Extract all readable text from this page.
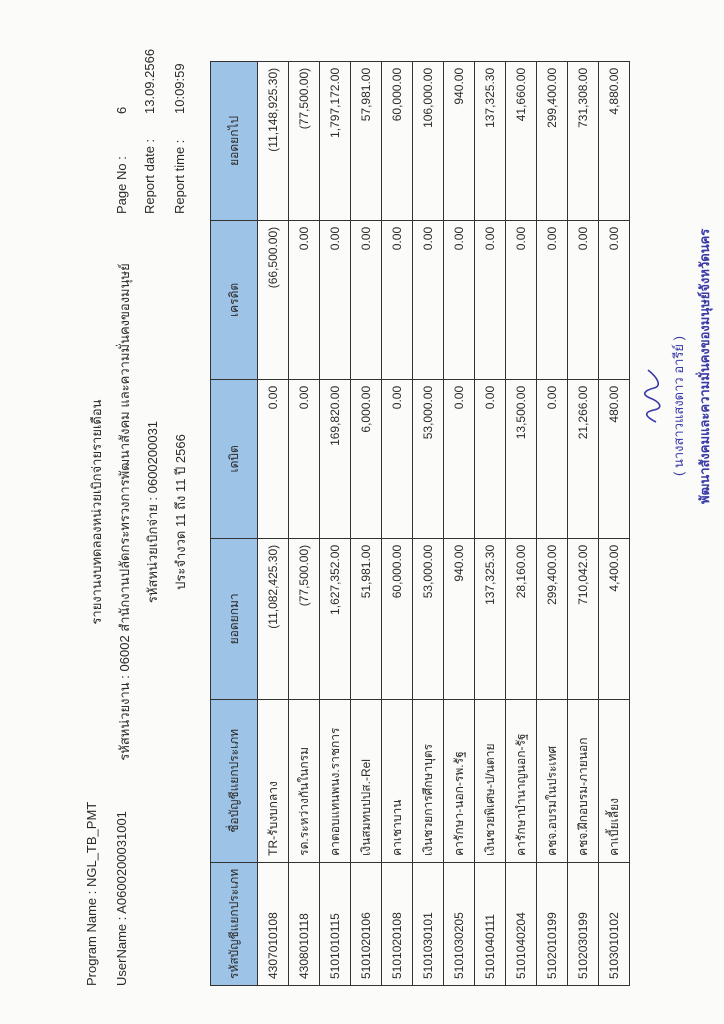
รายงานงบทดลองหน่วยเบิกจ่ายรายเดือน รหัสหน่วยงาน : 06002 สำนักงานปลัดกระทรวงการพัฒนาสังคม และความมั่นคงของมนุษย์ รหัสหน่วยเบิกจ่าย : 0600200031 ประจำงวด 11 ถึง 11 ปี 2566
Program Name : NGL_TB_PMT UserName : A0600200031001
Page No :
6
Report date :
13.09.2566
Report time :
10:09:59
รหัสบัญชีแยกประเภท	ชื่อบัญชีแยกประเภท	ยอดยกมา	เดบิต	เครดิต	ยอดยกไป
4307010108	TR-รับงบกลาง	(11,082,425.30)	0.00	(66,500.00)	(11,148,925.30)
4308010118	รด.ระหว่างกันในกรม	(77,500.00)	0.00	0.00	(77,500.00)
5101010115	คาตอบแทนพนง.ราชการ	1,627,352.00	169,820.00	0.00	1,797,172.00
5101020106	เงินสมทบปปส.-Rel	51,981.00	6,000.00	0.00	57,981.00
5101020108	คาเชาบาน	60,000.00	0.00	0.00	60,000.00
5101030101	เงินชวยการศึกษาบุตร	53,000.00	53,000.00	0.00	106,000.00
5101030205	คารักษา-นอก-รพ.รัฐ	940.00	0.00	0.00	940.00
5101040111	เงินชวยพิเศษ-ป/นตาย	137,325.30	0.00	0.00	137,325.30
5101040204	คารักษาบำนาญนอก-รัฐ	28,160.00	13,500.00	0.00	41,660.00
5102010199	คชจ.อบรมในประเทศ	299,400.00	0.00	0.00	299,400.00
5102030199	คชจ.ฝึกอบรม-ภายนอก	710,042.00	21,266.00	0.00	731,308.00
5103010102	คาเบี้ยเลี้ยง	4,400.00	480.00	0.00	4,880.00
( นางสาวแสงดาว อารีย์ ) พัฒนาสังคมและความมั่นคงของมนุษย์จังหวัดนคร
